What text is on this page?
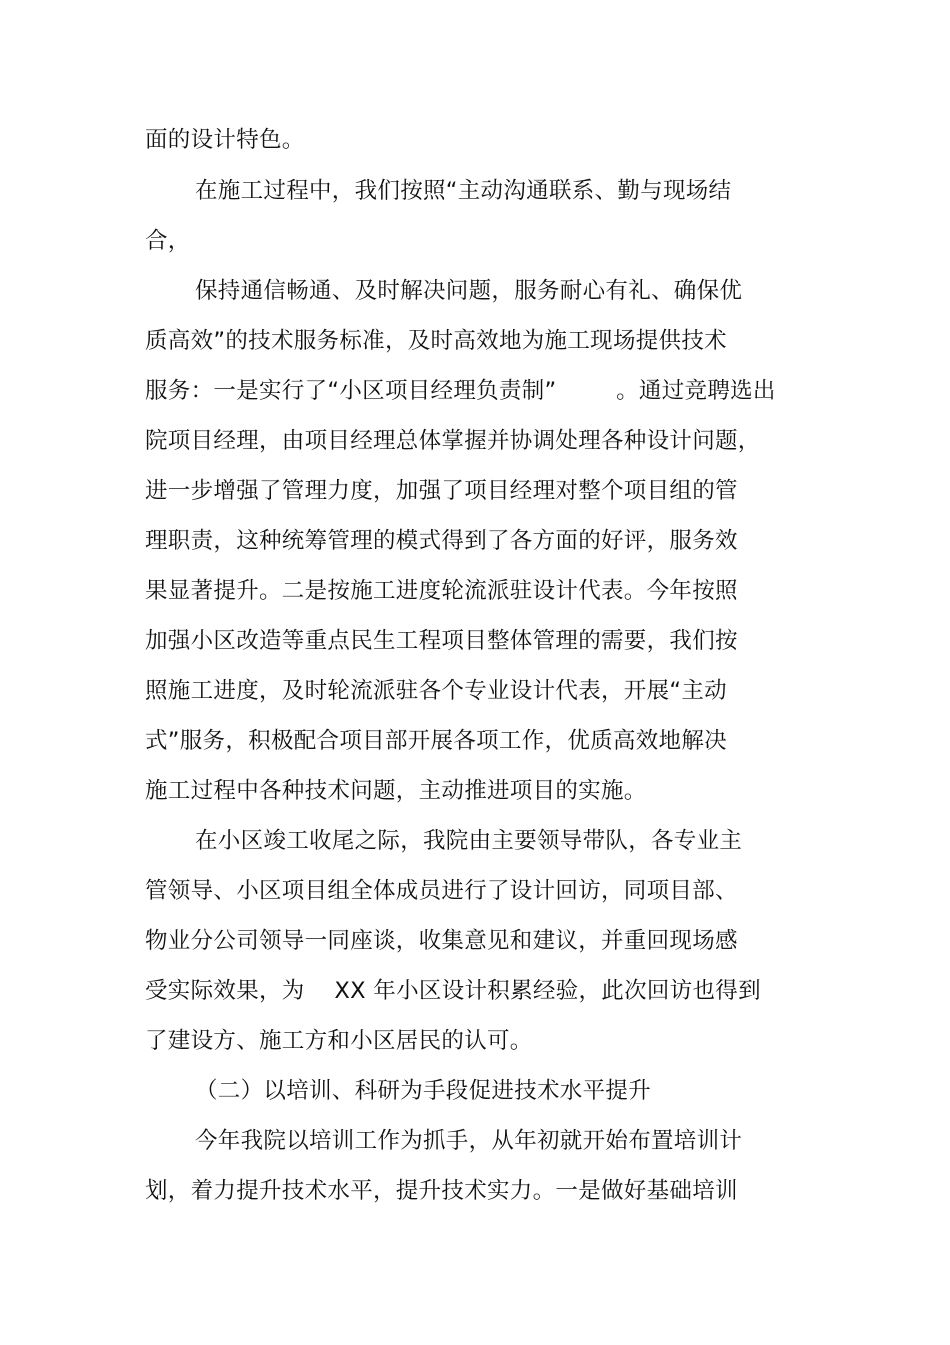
面的设计特色。
在施工过程中，我们按照“主动沟通联系、勤与现场结
合，
保持通信畅通、及时解决问题，服务耐心有礼、确保优
质高效”的技术服务标准，及时高效地为施工现场提供技术
服务：一是实行了“小区项目经理负责制”        。通过竞聘选出
院项目经理，由项目经理总体掌握并协调处理各种设计问题，
进一步增强了管理力度，加强了项目经理对整个项目组的管
理职责，这种统筹管理的模式得到了各方面的好评，服务效
果显著提升。二是按施工进度轮流派驻设计代表。今年按照
加强小区改造等重点民生工程项目整体管理的需要，我们按
照施工进度，及时轮流派驻各个专业设计代表，开展“主动
式”服务，积极配合项目部开展各项工作，优质高效地解决
施工过程中各种技术问题，主动推进项目的实施。
在小区竣工收尾之际，我院由主要领导带队，各专业主
管领导、小区项目组全体成员进行了设计回访，同项目部、
物业分公司领导一同座谈，收集意见和建议，并重回现场感
受实际效果，为    XX 年小区设计积累经验，此次回访也得到
了建设方、施工方和小区居民的认可。
（二）以培训、科研为手段促进技术水平提升
今年我院以培训工作为抓手，从年初就开始布置培训计
划，着力提升技术水平，提升技术实力。一是做好基础培训
